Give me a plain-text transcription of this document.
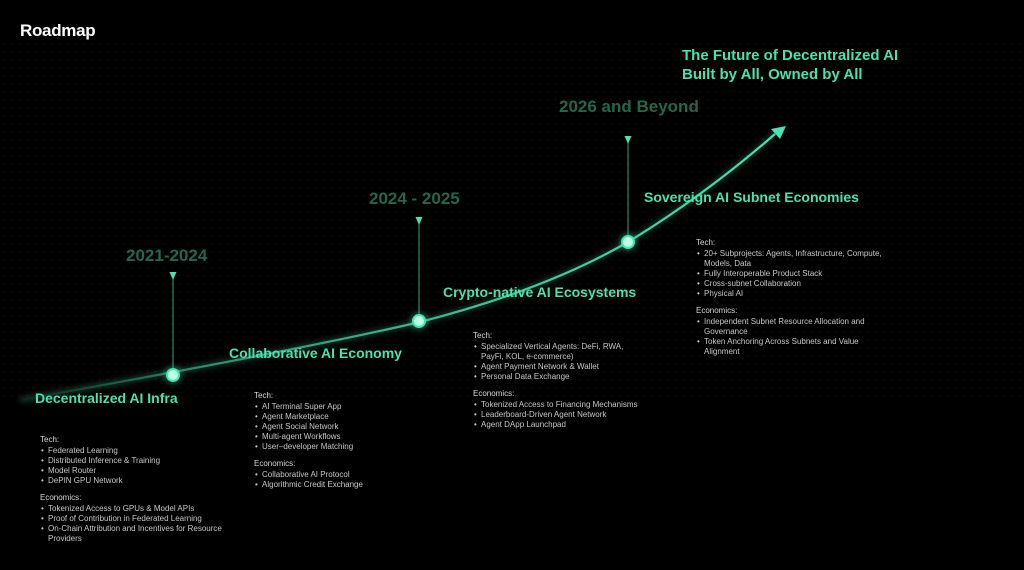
Roadmap
The Future of Decentralized AI
Built by All, Owned by All
2021-2024
2024 - 2025
2026 and Beyond
Decentralized AI Infra
Collaborative AI Economy
Crypto-native AI Ecosystems
Sovereign AI Subnet Economies
Tech:
• Federated Learning
• Distributed Inference & Training
• Model Router
• DePIN GPU Network
Economics:
• Tokenized Access to GPUs & Model APIs
• Proof of Contribution in Federated Learning
• On-Chain Attribution and Incentives for Resource Providers
Tech:
• AI Terminal Super App
• Agent Marketplace
• Agent Social Network
• Multi-agent Workflows
• User–developer Matching
Economics:
• Collaborative AI Protocol
• Algorithmic Credit Exchange
Tech:
• Specialized Vertical Agents: DeFi, RWA, PayFi, KOL, e-commerce)
• Agent Payment Network & Wallet
• Personal Data Exchange
Economics:
• Tokenized Access to Financing Mechanisms
• Leaderboard-Driven Agent Network
• Agent DApp Launchpad
Tech:
• 20+ Subprojects: Agents, Infrastructure, Compute, Models, Data
• Fully Interoperable Product Stack
• Cross-subnet Collaboration
• Physical AI
Economics:
• Independent Subnet Resource Allocation and Governance
• Token Anchoring Across Subnets and Value Alignment
